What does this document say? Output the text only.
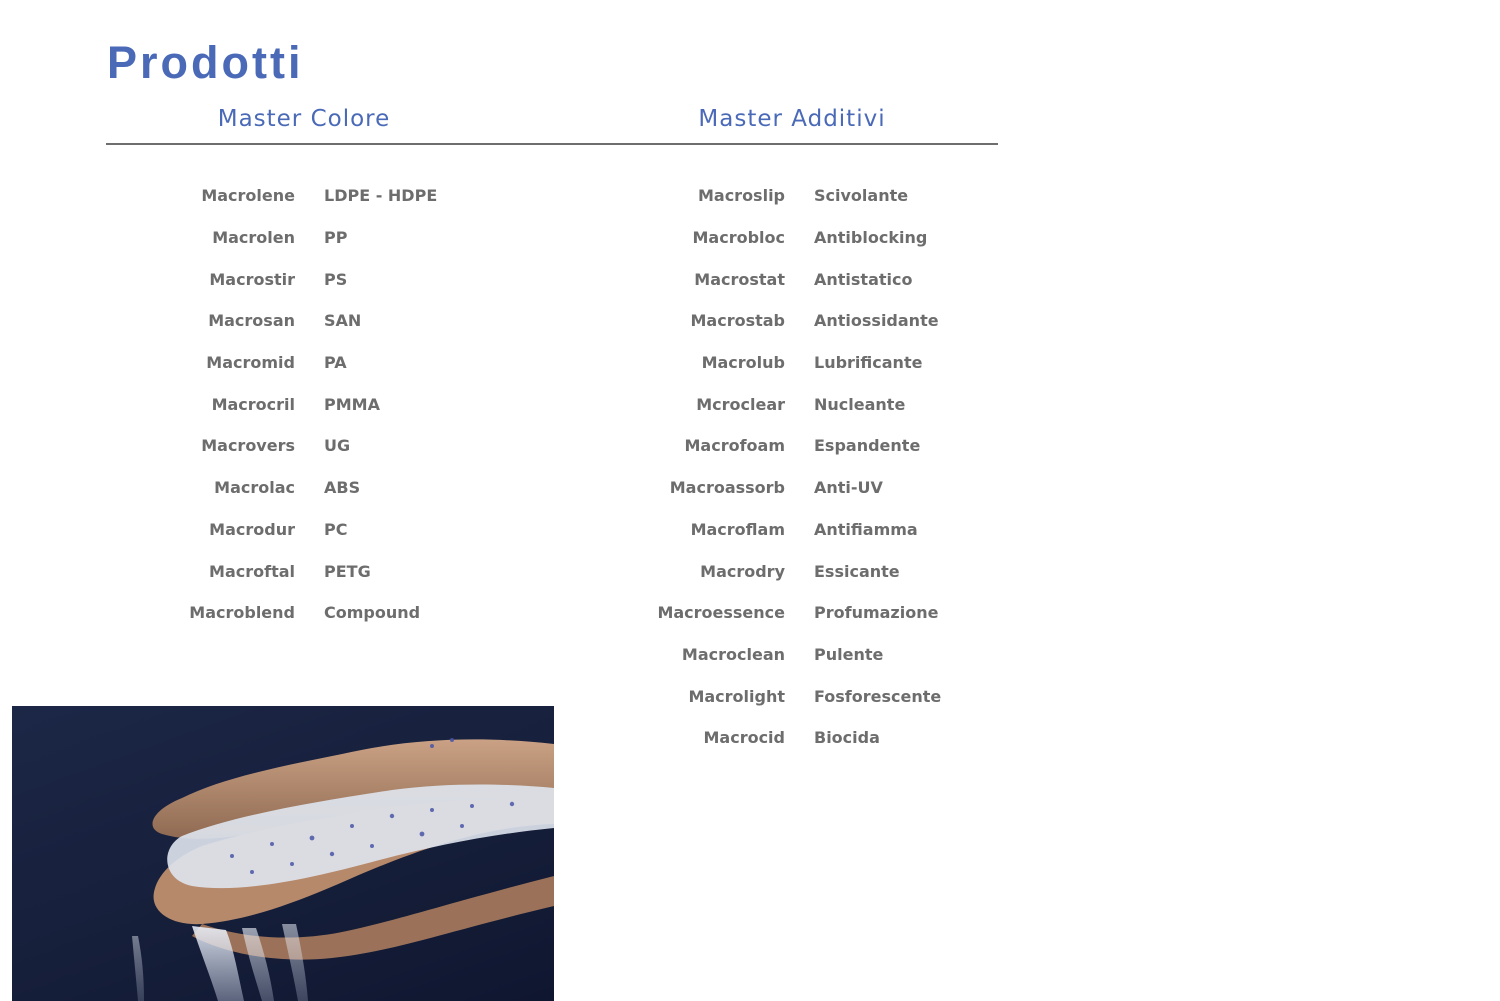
Prodotti
Master Colore	Master Additivi
Macrolene	LDPE - HDPE
Macrolen	PP
Macrostir	PS
Macrosan	SAN
Macromid	PA
Macrocril	PMMA
Macrovers	UG
Macrolac	ABS
Macrodur	PC
Macroftal	PETG
Macroblend	Compound
Macroslip	Scivolante
Macrobloc	Antiblocking
Macrostat	Antistatico
Macrostab	Antiossidante
Macrolub	Lubrificante
Mcroclear	Nucleante
Macrofoam	Espandente
Macroassorb	Anti-UV
Macroflam	Antifiamma
Macrodry	Essicante
Macroessence	Profumazione
Macroclean	Pulente
Macrolight	Fosforescente
Macrocid	Biocida
